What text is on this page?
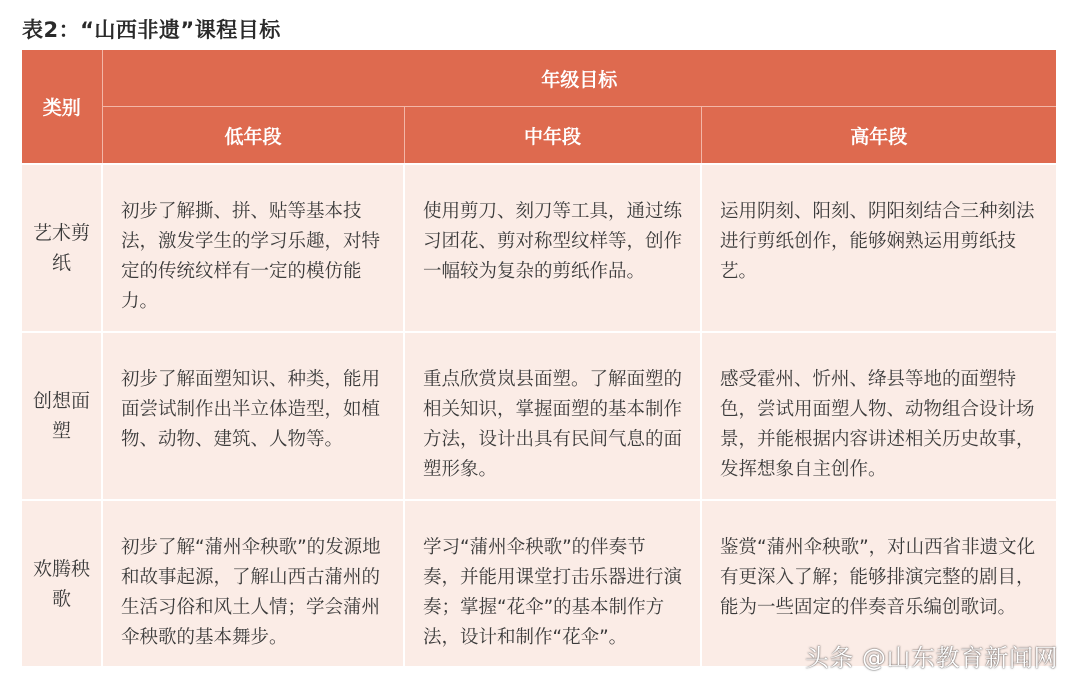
表2：“山西非遗”课程目标
类别	年级目标		
	低年段	中年段	高年段
艺术剪纸	初步了解撕、拼、贴等基本技法，激发学生的学习乐趣，对特定的传统纹样有一定的模仿能力。	使用剪刀、刻刀等工具，通过练习团花、剪对称型纹样等，创作一幅较为复杂的剪纸作品。	运用阴刻、阳刻、阴阳刻结合三种刻法进行剪纸创作，能够娴熟运用剪纸技艺。
创想面塑	初步了解面塑知识、种类，能用面尝试制作出半立体造型，如植物、动物、建筑、人物等。	重点欣赏岚县面塑。了解面塑的相关知识，掌握面塑的基本制作方法，设计出具有民间气息的面塑形象。	感受霍州、忻州、绛县等地的面塑特色，尝试用面塑人物、动物组合设计场景，并能根据内容讲述相关历史故事，发挥想象自主创作。
欢腾秧歌	初步了解“蒲州伞秧歌”的发源地和故事起源，了解山西古蒲州的生活习俗和风土人情；学会蒲州伞秧歌的基本舞步。	学习“蒲州伞秧歌”的伴奏节奏，并能用课堂打击乐器进行演奏；掌握“花伞”的基本制作方法，设计和制作“花伞”。	鉴赏“蒲州伞秧歌”，对山西省非遗文化有更深入了解；能够排演完整的剧目，能为一些固定的伴奏音乐编创歌词。
头条 @山东教育新闻网
